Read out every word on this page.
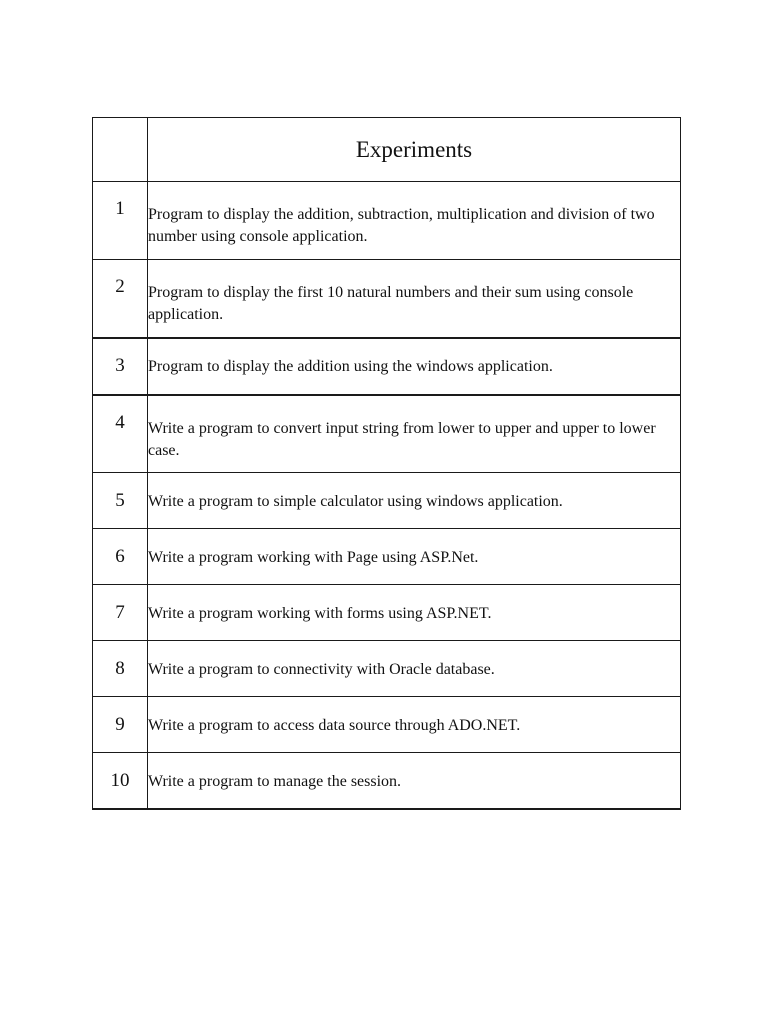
	Experiments
1	Program to display the addition, subtraction, multiplication and division of two number using console application.
2	Program to display the first 10 natural numbers and their sum using console application.
3	Program to display the addition using the windows application.
4	Write a program to convert input string from lower to upper and upper to lower case.
5	Write a program to simple calculator using windows application.
6	Write a program working with Page using ASP.Net.
7	Write a program working with forms using ASP.NET.
8	Write a program to connectivity with Oracle database.
9	Write a program to access data source through ADO.NET.
10	Write a program to manage the session.
